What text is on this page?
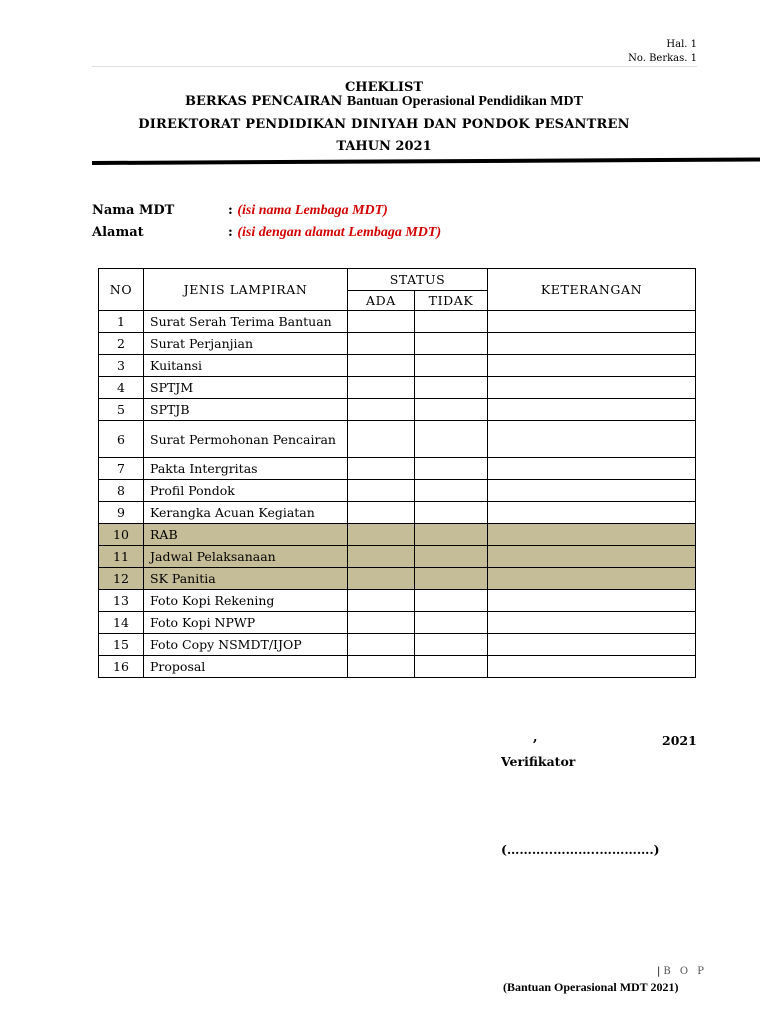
Hal. 1
No. Berkas. 1
CHEKLIST
BERKAS PENCAIRAN Bantuan Operasional Pendidikan MDT
DIREKTORAT PENDIDIKAN DINIYAH DAN PONDOK PESANTREN
TAHUN 2021
Nama MDT	: (isi nama Lembaga MDT)
Alamat	: (isi dengan alamat Lembaga MDT)
NO	JENIS LAMPIRAN	STATUS		KETERANGAN
		ADA	TIDAK	
1	Surat Serah Terima Bantuan			
2	Surat Perjanjian			
3	Kuitansi			
4	SPTJM			
5	SPTJB			
6	Surat Permohonan Pencairan			
7	Pakta Intergritas			
8	Profil Pondok			
9	Kerangka Acuan Kegiatan			
10	RAB			
11	Jadwal Pelaksanaan			
12	SK Panitia			
13	Foto Kopi Rekening			
14	Foto Kopi NPWP			
15	Foto Copy NSMDT/IJOP			
16	Proposal			
,	2021
Verifikator
(………..………..………….)
| B O P
(Bantuan Operasional MDT 2021)
